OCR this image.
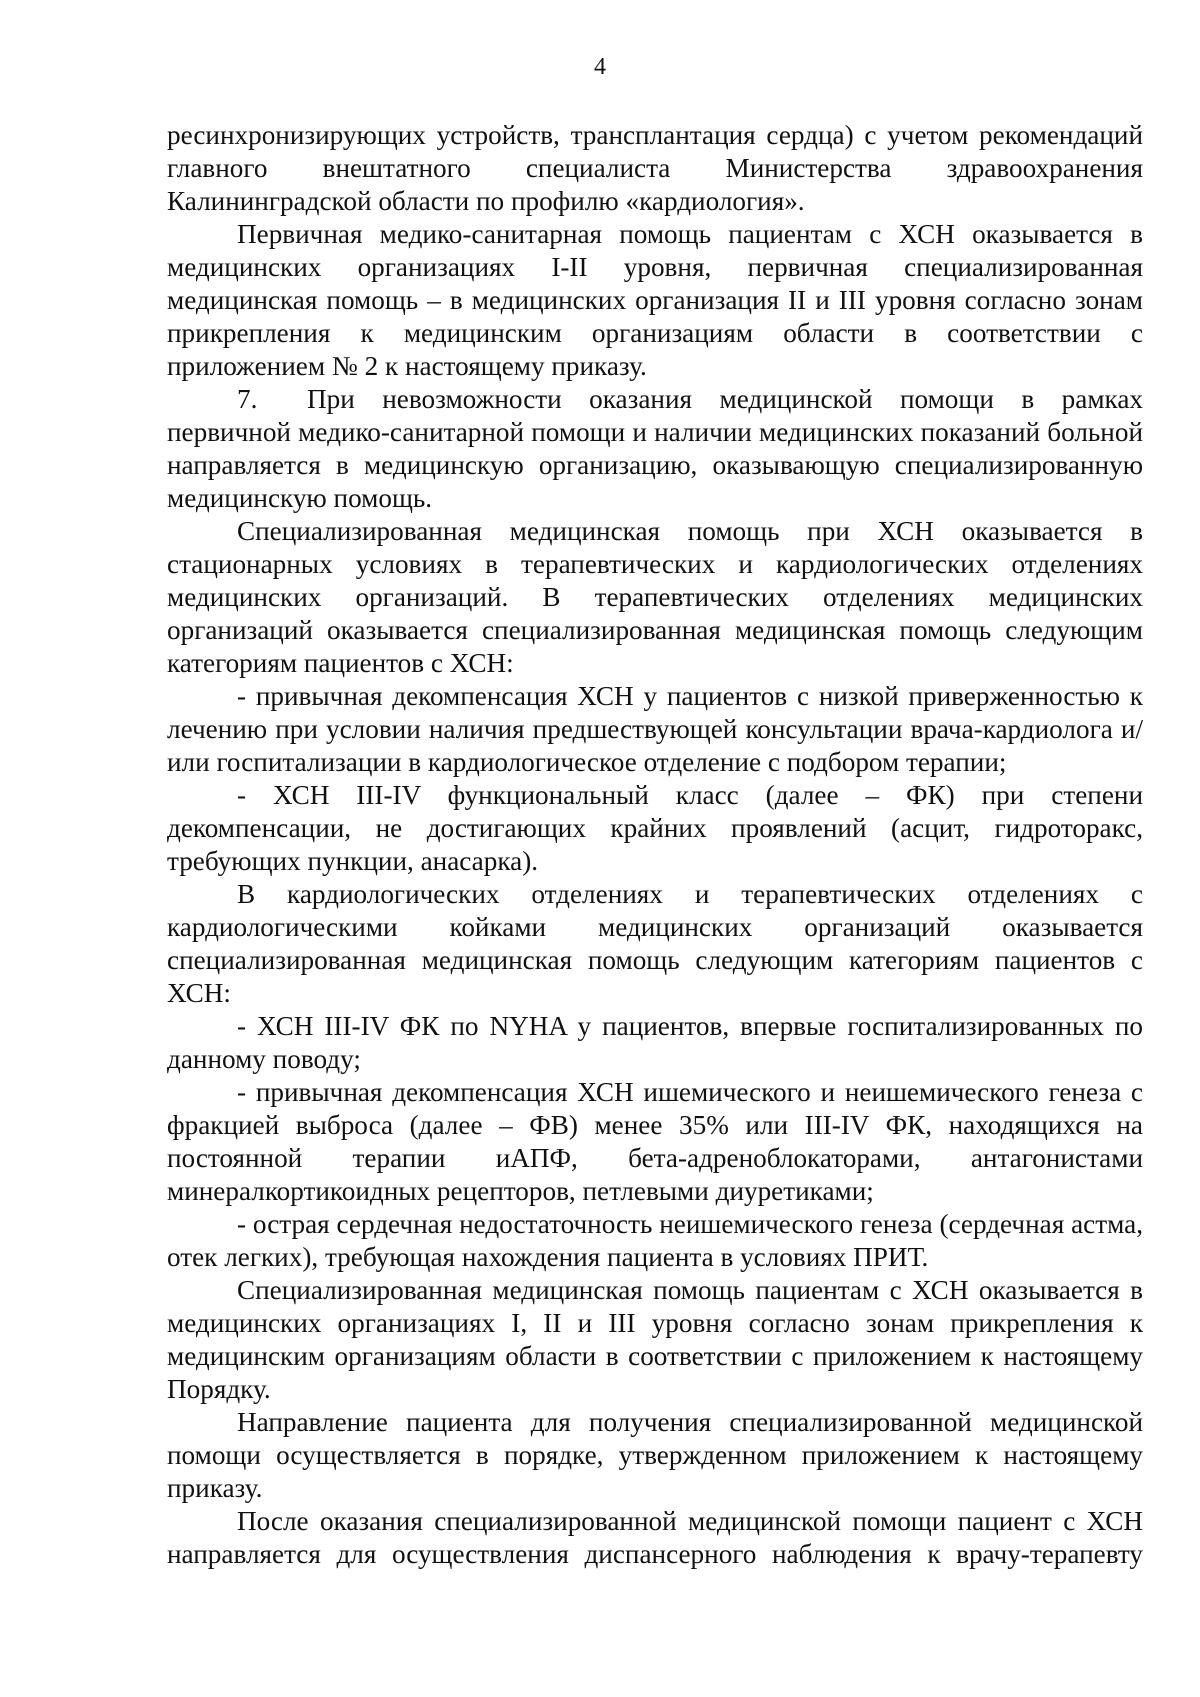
4

ресинхронизирующих устройств, трансплантация сердца) с учетом рекомендаций главного внештатного специалиста Министерства здравоохранения Калининградской области по профилю «кардиология».

Первичная медико-санитарная помощь пациентам с ХСН оказывается в медицинских организациях I-II уровня, первичная специализированная медицинская помощь – в медицинских организация II и III уровня согласно зонам прикрепления к медицинским организациям области в соответствии с приложением № 2 к настоящему приказу.

7. При невозможности оказания медицинской помощи в рамках первичной медико-санитарной помощи и наличии медицинских показаний больной направляется в медицинскую организацию, оказывающую специализированную медицинскую помощь.

Специализированная медицинская помощь при ХСН оказывается в стационарных условиях в терапевтических и кардиологических отделениях медицинских организаций. В терапевтических отделениях медицинских организаций оказывается специализированная медицинская помощь следующим категориям пациентов с ХСН:

- привычная декомпенсация ХСН у пациентов с низкой приверженностью к лечению при условии наличия предшествующей консультации врача-кардиолога и/или госпитализации в кардиологическое отделение с подбором терапии;

- ХСН III-IV функциональный класс (далее – ФК) при степени декомпенсации, не достигающих крайних проявлений (асцит, гидроторакс, требующих пункции, анасарка).

В кардиологических отделениях и терапевтических отделениях с кардиологическими койками медицинских организаций оказывается специализированная медицинская помощь следующим категориям пациентов с ХСН:

- ХСН III-IV ФК по NYHA у пациентов, впервые госпитализированных по данному поводу;

- привычная декомпенсация ХСН ишемического и неишемического генеза с фракцией выброса (далее – ФВ) менее 35% или III-IV ФК, находящихся на постоянной терапии иАПФ, бета-адреноблокаторами, антагонистами минералкортикоидных рецепторов, петлевыми диуретиками;

- острая сердечная недостаточность неишемического генеза (сердечная астма, отек легких), требующая нахождения пациента в условиях ПРИТ.

Специализированная медицинская помощь пациентам с ХСН оказывается в медицинских организациях I, II и III уровня согласно зонам прикрепления к медицинским организациям области в соответствии с приложением к настоящему Порядку.

Направление пациента для получения специализированной медицинской помощи осуществляется в порядке, утвержденном приложением к настоящему приказу.

После оказания специализированной медицинской помощи пациент с ХСН направляется для осуществления диспансерного наблюдения к врачу-терапевту
